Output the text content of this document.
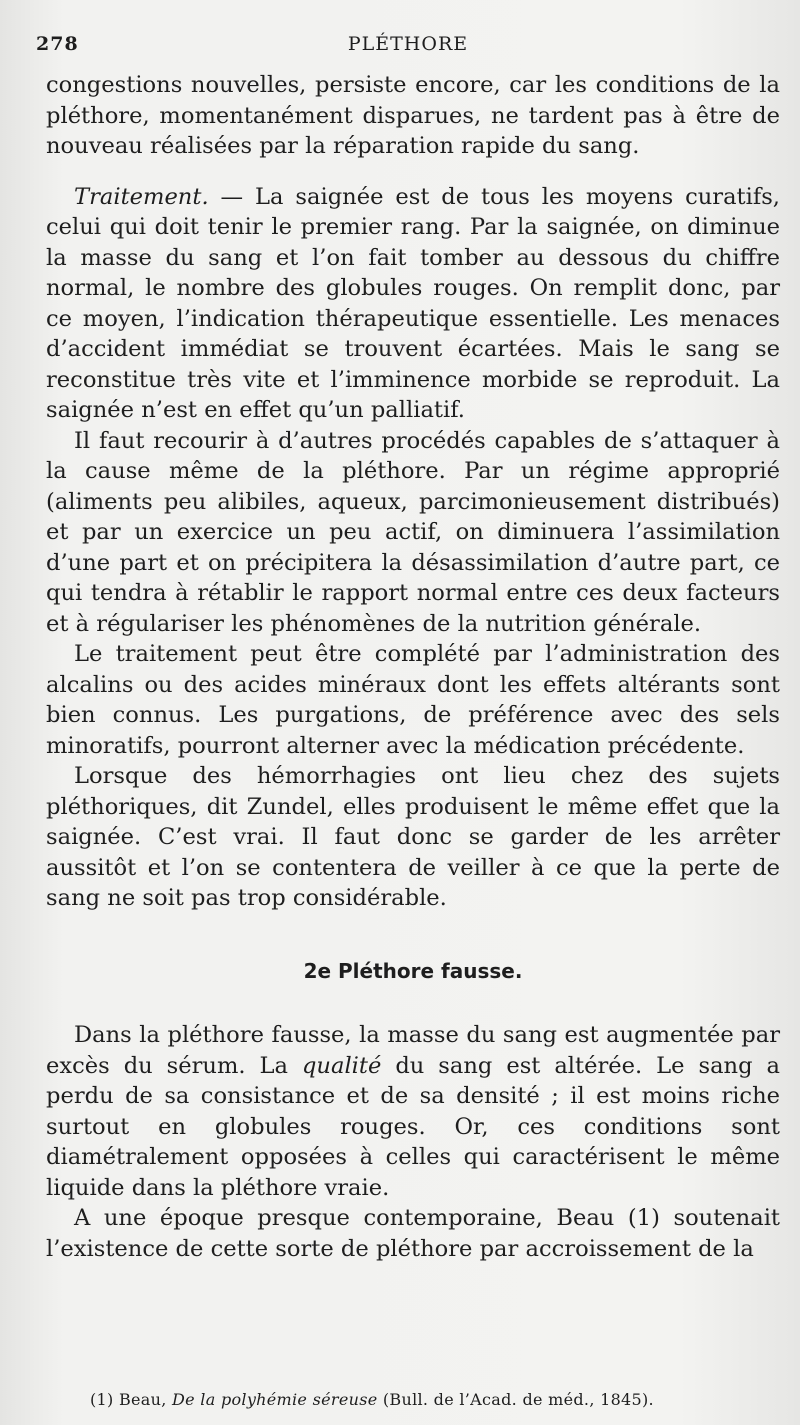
278	PLÉTHORE

congestions nouvelles, persiste encore, car les conditions de la pléthore, momentanément disparues, ne tardent pas à être de nouveau réalisées par la réparation rapide du sang.

Traitement. — La saignée est de tous les moyens curatifs, celui qui doit tenir le premier rang. Par la saignée, on diminue la masse du sang et l’on fait tomber au dessous du chiffre normal, le nombre des globules rouges. On remplit donc, par ce moyen, l’indication thérapeutique essentielle. Les menaces d’accident immédiat se trouvent écartées. Mais le sang se reconstitue très vite et l’imminence morbide se reproduit. La saignée n’est en effet qu’un palliatif.

Il faut recourir à d’autres procédés capables de s’attaquer à la cause même de la pléthore. Par un régime approprié (aliments peu alibiles, aqueux, parcimonieusement distribués) et par un exercice un peu actif, on diminuera l’assimilation d’une part et on précipitera la désassimilation d’autre part, ce qui tendra à rétablir le rapport normal entre ces deux facteurs et à régulariser les phénomènes de la nutrition générale.

Le traitement peut être complété par l’administration des alcalins ou des acides minéraux dont les effets altérants sont bien connus. Les purgations, de préférence avec des sels minoratifs, pourront alterner avec la médication précédente.

Lorsque des hémorrhagies ont lieu chez des sujets pléthoriques, dit Zundel, elles produisent le même effet que la saignée. C’est vrai. Il faut donc se garder de les arrêter aussitôt et l’on se contentera de veiller à ce que la perte de sang ne soit pas trop considérable.

2e Pléthore fausse.

Dans la pléthore fausse, la masse du sang est augmentée par excès du sérum. La qualité du sang est altérée. Le sang a perdu de sa consistance et de sa densité ; il est moins riche surtout en globules rouges. Or, ces conditions sont diamétralement opposées à celles qui caractérisent le même liquide dans la pléthore vraie.

A une époque presque contemporaine, Beau (1) soutenait l’existence de cette sorte de pléthore par accroissement de la

(1) Beau, De la polyhémie séreuse (Bull. de l’Acad. de méd., 1845).
